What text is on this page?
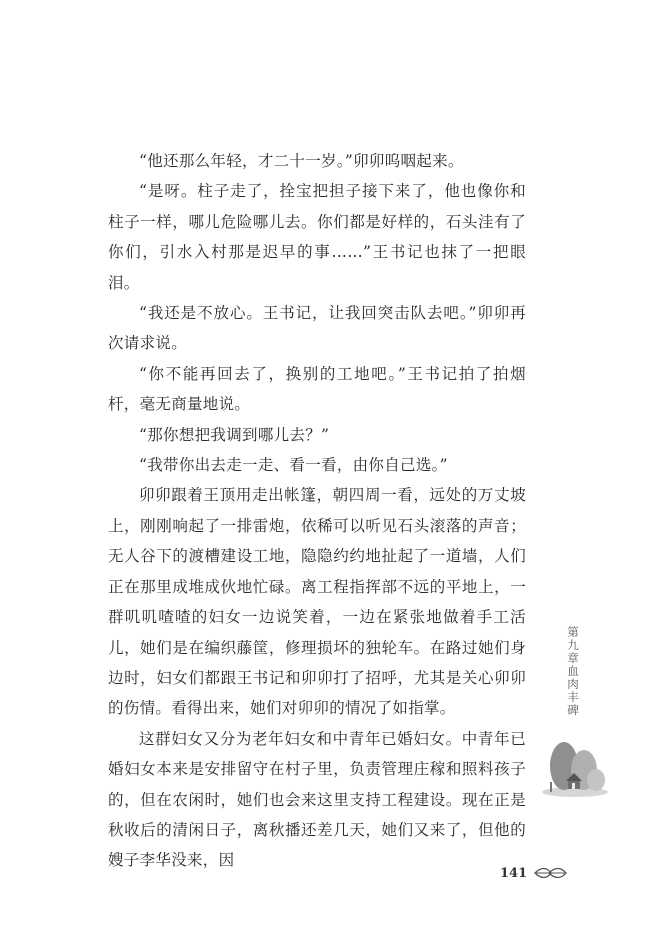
“他还那么年轻，才二十一岁。”卯卯呜咽起来。

“是呀。柱子走了，拴宝把担子接下来了，他也像你和柱子一样，哪儿危险哪儿去。你们都是好样的，石头洼有了你们，引水入村那是迟早的事……”王书记也抹了一把眼泪。

“我还是不放心。王书记，让我回突击队去吧。”卯卯再次请求说。

“你不能再回去了，换别的工地吧。”王书记拍了拍烟杆，毫无商量地说。

“那你想把我调到哪儿去？”

“我带你出去走一走、看一看，由你自己选。”

卯卯跟着王顶用走出帐篷，朝四周一看，远处的万丈坡上，刚刚响起了一排雷炮，依稀可以听见石头滚落的声音；无人谷下的渡槽建设工地，隐隐约约地扯起了一道墙，人们正在那里成堆成伙地忙碌。离工程指挥部不远的平地上，一群叽叽喳喳的妇女一边说笑着，一边在紧张地做着手工活儿，她们是在编织藤筐，修理损坏的独轮车。在路过她们身边时，妇女们都跟王书记和卯卯打了招呼，尤其是关心卯卯的伤情。看得出来，她们对卯卯的情况了如指掌。

这群妇女又分为老年妇女和中青年已婚妇女。中青年已婚妇女本来是安排留守在村子里，负责管理庄稼和照料孩子的，但在农闲时，她们也会来这里支持工程建设。现在正是秋收后的清闲日子，离秋播还差几天，她们又来了，但他的嫂子李华没来，因

第
九
章
血
肉
丰
碑
141
